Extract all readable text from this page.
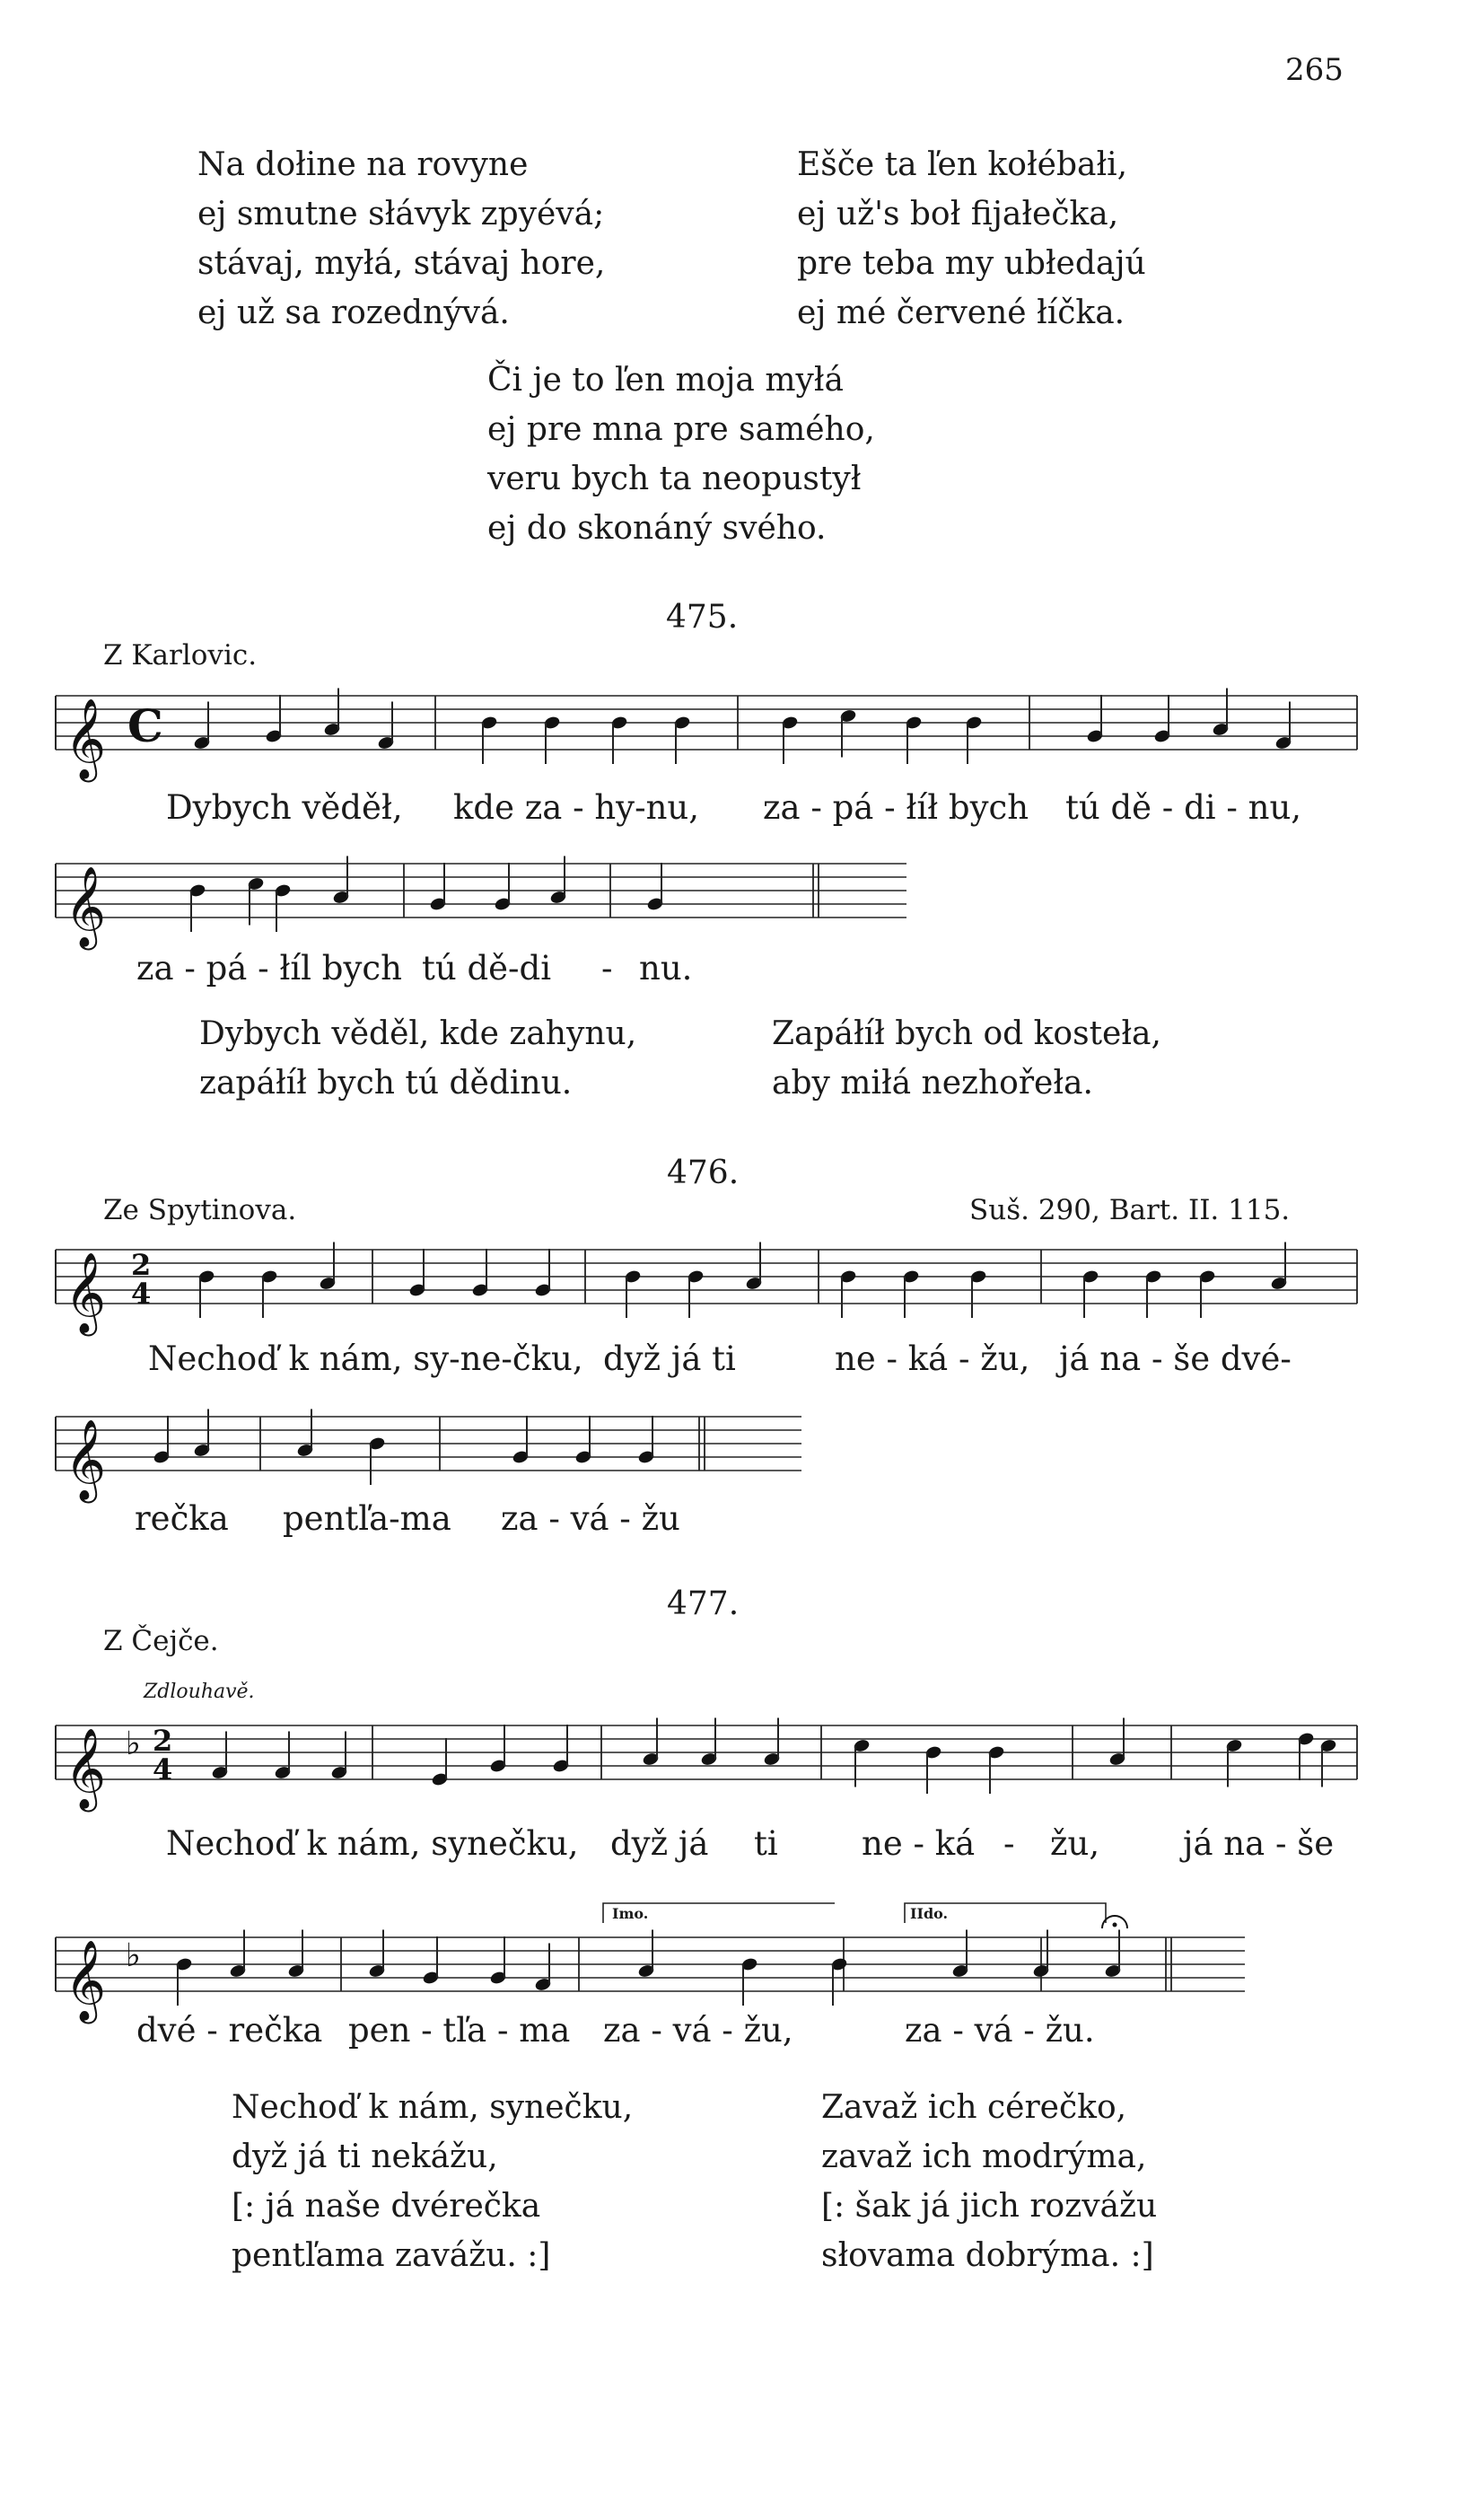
265
Na dołine na rovyne
ej smutne słávyk zpyévá;
stávaj, myłá, stávaj hore,
ej už sa rozednývá.
Ešče ta ľen kołébałi,
ej už's boł fijałečka,
pre teba my ubłedajú
ej mé červené łíčka.
Či je to ľen moja myłá
ej pre mna pre samého,
veru bych ta neopustył
ej do skonáný svého.
475.
Z Karlovic.
𝄞 C
𝄞
𝄞 2
4
𝄞
𝄞 ♭ 2
4
𝄞 ♭
Dybych věděł, kde za - hy-nu, za - pá - łíł bych tú dě - di - nu,
za - pá - łíl bych tú dě-di - nu.
Dybych věděl, kde zahynu,
zapáłíł bych tú dědinu.
Zapáłíł bych od kosteła,
aby miłá nezhořeła.
476.
Ze Spytinova.	Suš. 290, Bart. II. 115.
Nechoď k nám, sy-ne-čku, dyž já ti	ne - ká - žu, já na - še dvé-
rečka pentľa-ma za - vá - žu
477.
Z Čejče.
Zdlouhavě.
Nechoď k nám, synečku, dyž já ti	ne - ká - žu,	já na - še
Imo.	IIdo.
dvé - rečka pen - tľa - ma za - vá - žu,	za - vá - žu.
Nechoď k nám, synečku,
dyž já ti nekážu,
[: já naše dvérečka
pentľama zavážu. :]
Zavaž ich cérečko,
zavaž ich modrýma,
[: šak já jich rozvážu
słovama dobrýma. :]
